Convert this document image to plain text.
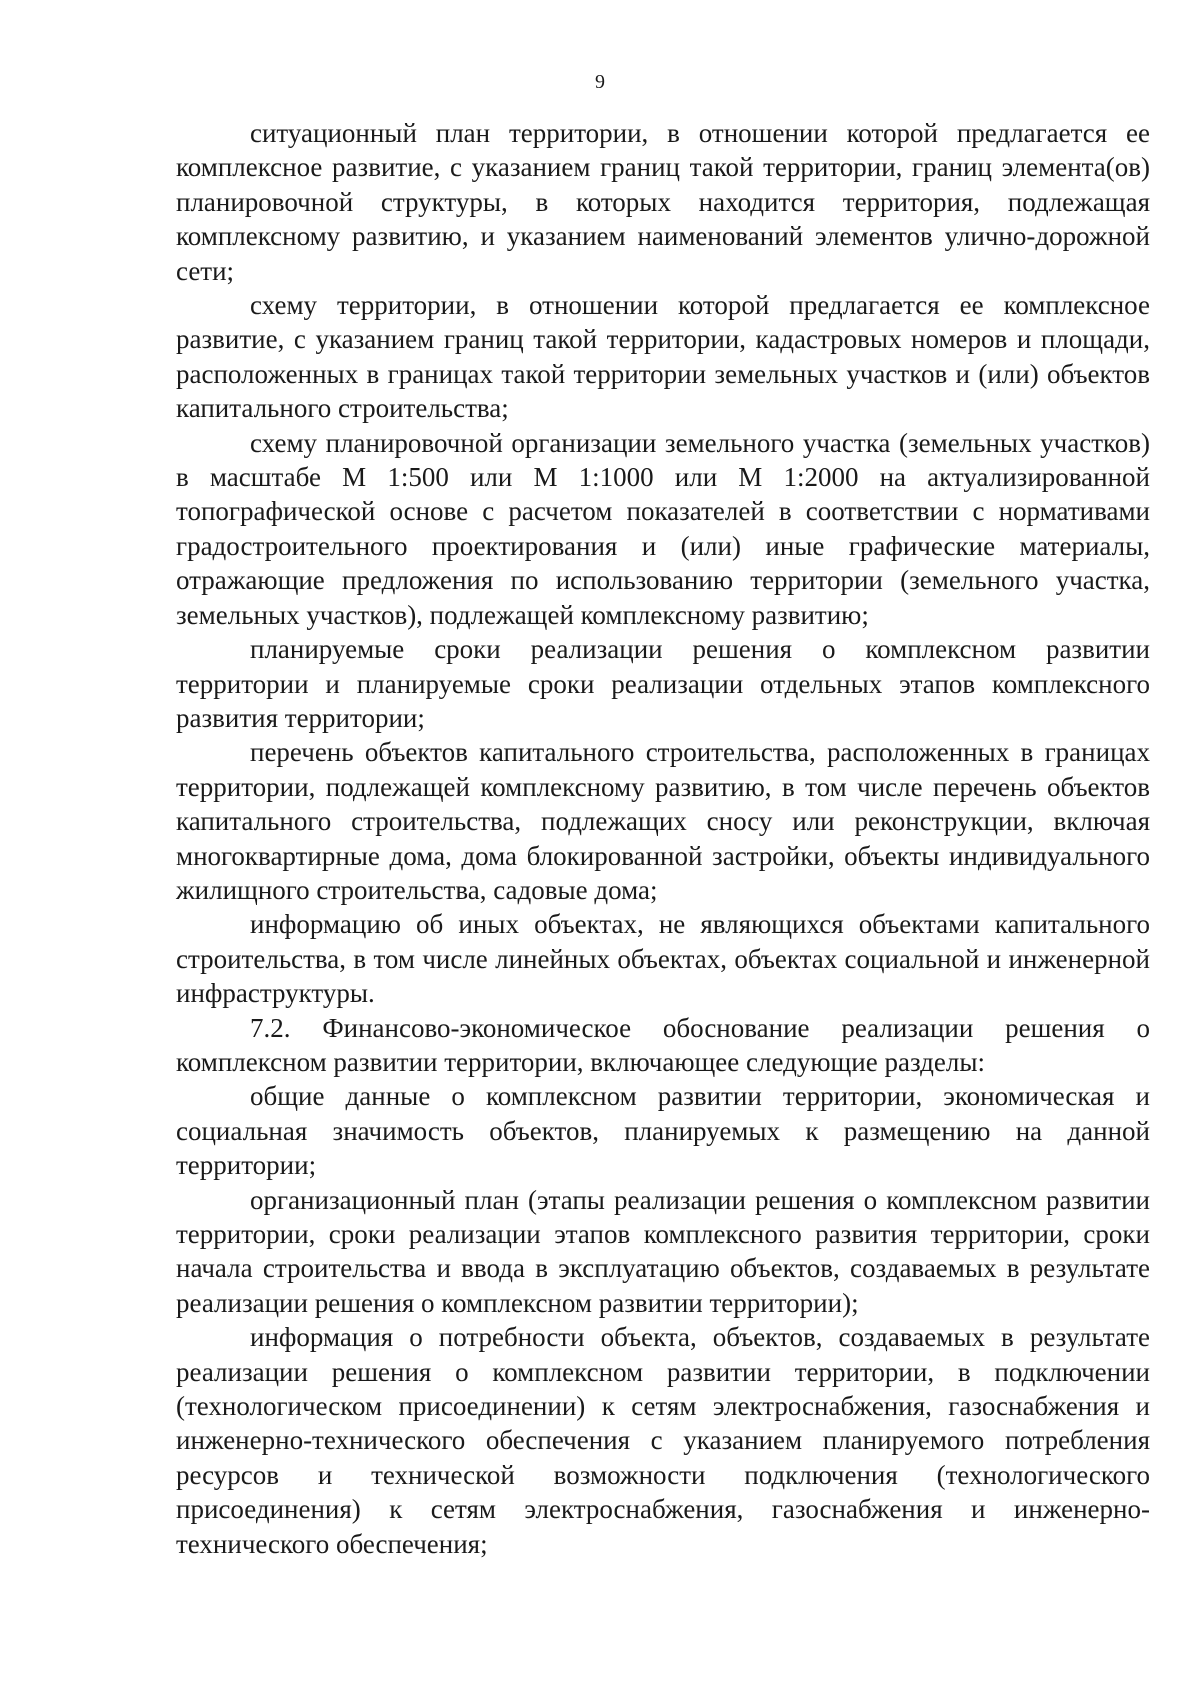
9

ситуационный план территории, в отношении которой предлагается ее комплексное развитие, с указанием границ такой территории, границ элемента(ов) планировочной структуры, в которых находится территория, подлежащая комплексному развитию, и указанием наименований элементов улично-дорожной сети;

схему территории, в отношении которой предлагается ее комплексное развитие, с указанием границ такой территории, кадастровых номеров и площади, расположенных в границах такой территории земельных участков и (или) объектов капитального строительства;

схему планировочной организации земельного участка (земельных участков) в масштабе М 1:500 или М 1:1000 или М 1:2000 на актуализированной топографической основе с расчетом показателей в соответствии с нормативами градостроительного проектирования и (или) иные графические материалы, отражающие предложения по использованию территории (земельного участка, земельных участков), подлежащей комплексному развитию;

планируемые сроки реализации решения о комплексном развитии территории и планируемые сроки реализации отдельных этапов комплексного развития территории;

перечень объектов капитального строительства, расположенных в границах территории, подлежащей комплексному развитию, в том числе перечень объектов капитального строительства, подлежащих сносу или реконструкции, включая многоквартирные дома, дома блокированной застройки, объекты индивидуального жилищного строительства, садовые дома;

информацию об иных объектах, не являющихся объектами капитального строительства, в том числе линейных объектах, объектах социальной и инженерной инфраструктуры.

7.2. Финансово-экономическое обоснование реализации решения о комплексном развитии территории, включающее следующие разделы:

общие данные о комплексном развитии территории, экономическая и социальная значимость объектов, планируемых к размещению на данной территории;

организационный план (этапы реализации решения о комплексном развитии территории, сроки реализации этапов комплексного развития территории, сроки начала строительства и ввода в эксплуатацию объектов, создаваемых в результате реализации решения о комплексном развитии территории);

информация о потребности объекта, объектов, создаваемых в результате реализации решения о комплексном развитии территории, в подключении (технологическом присоединении) к сетям электроснабжения, газоснабжения и инженерно-технического обеспечения с указанием планируемого потребления ресурсов и технической возможности подключения (технологического присоединения) к сетям электроснабжения, газоснабжения и инженерно-технического обеспечения;
